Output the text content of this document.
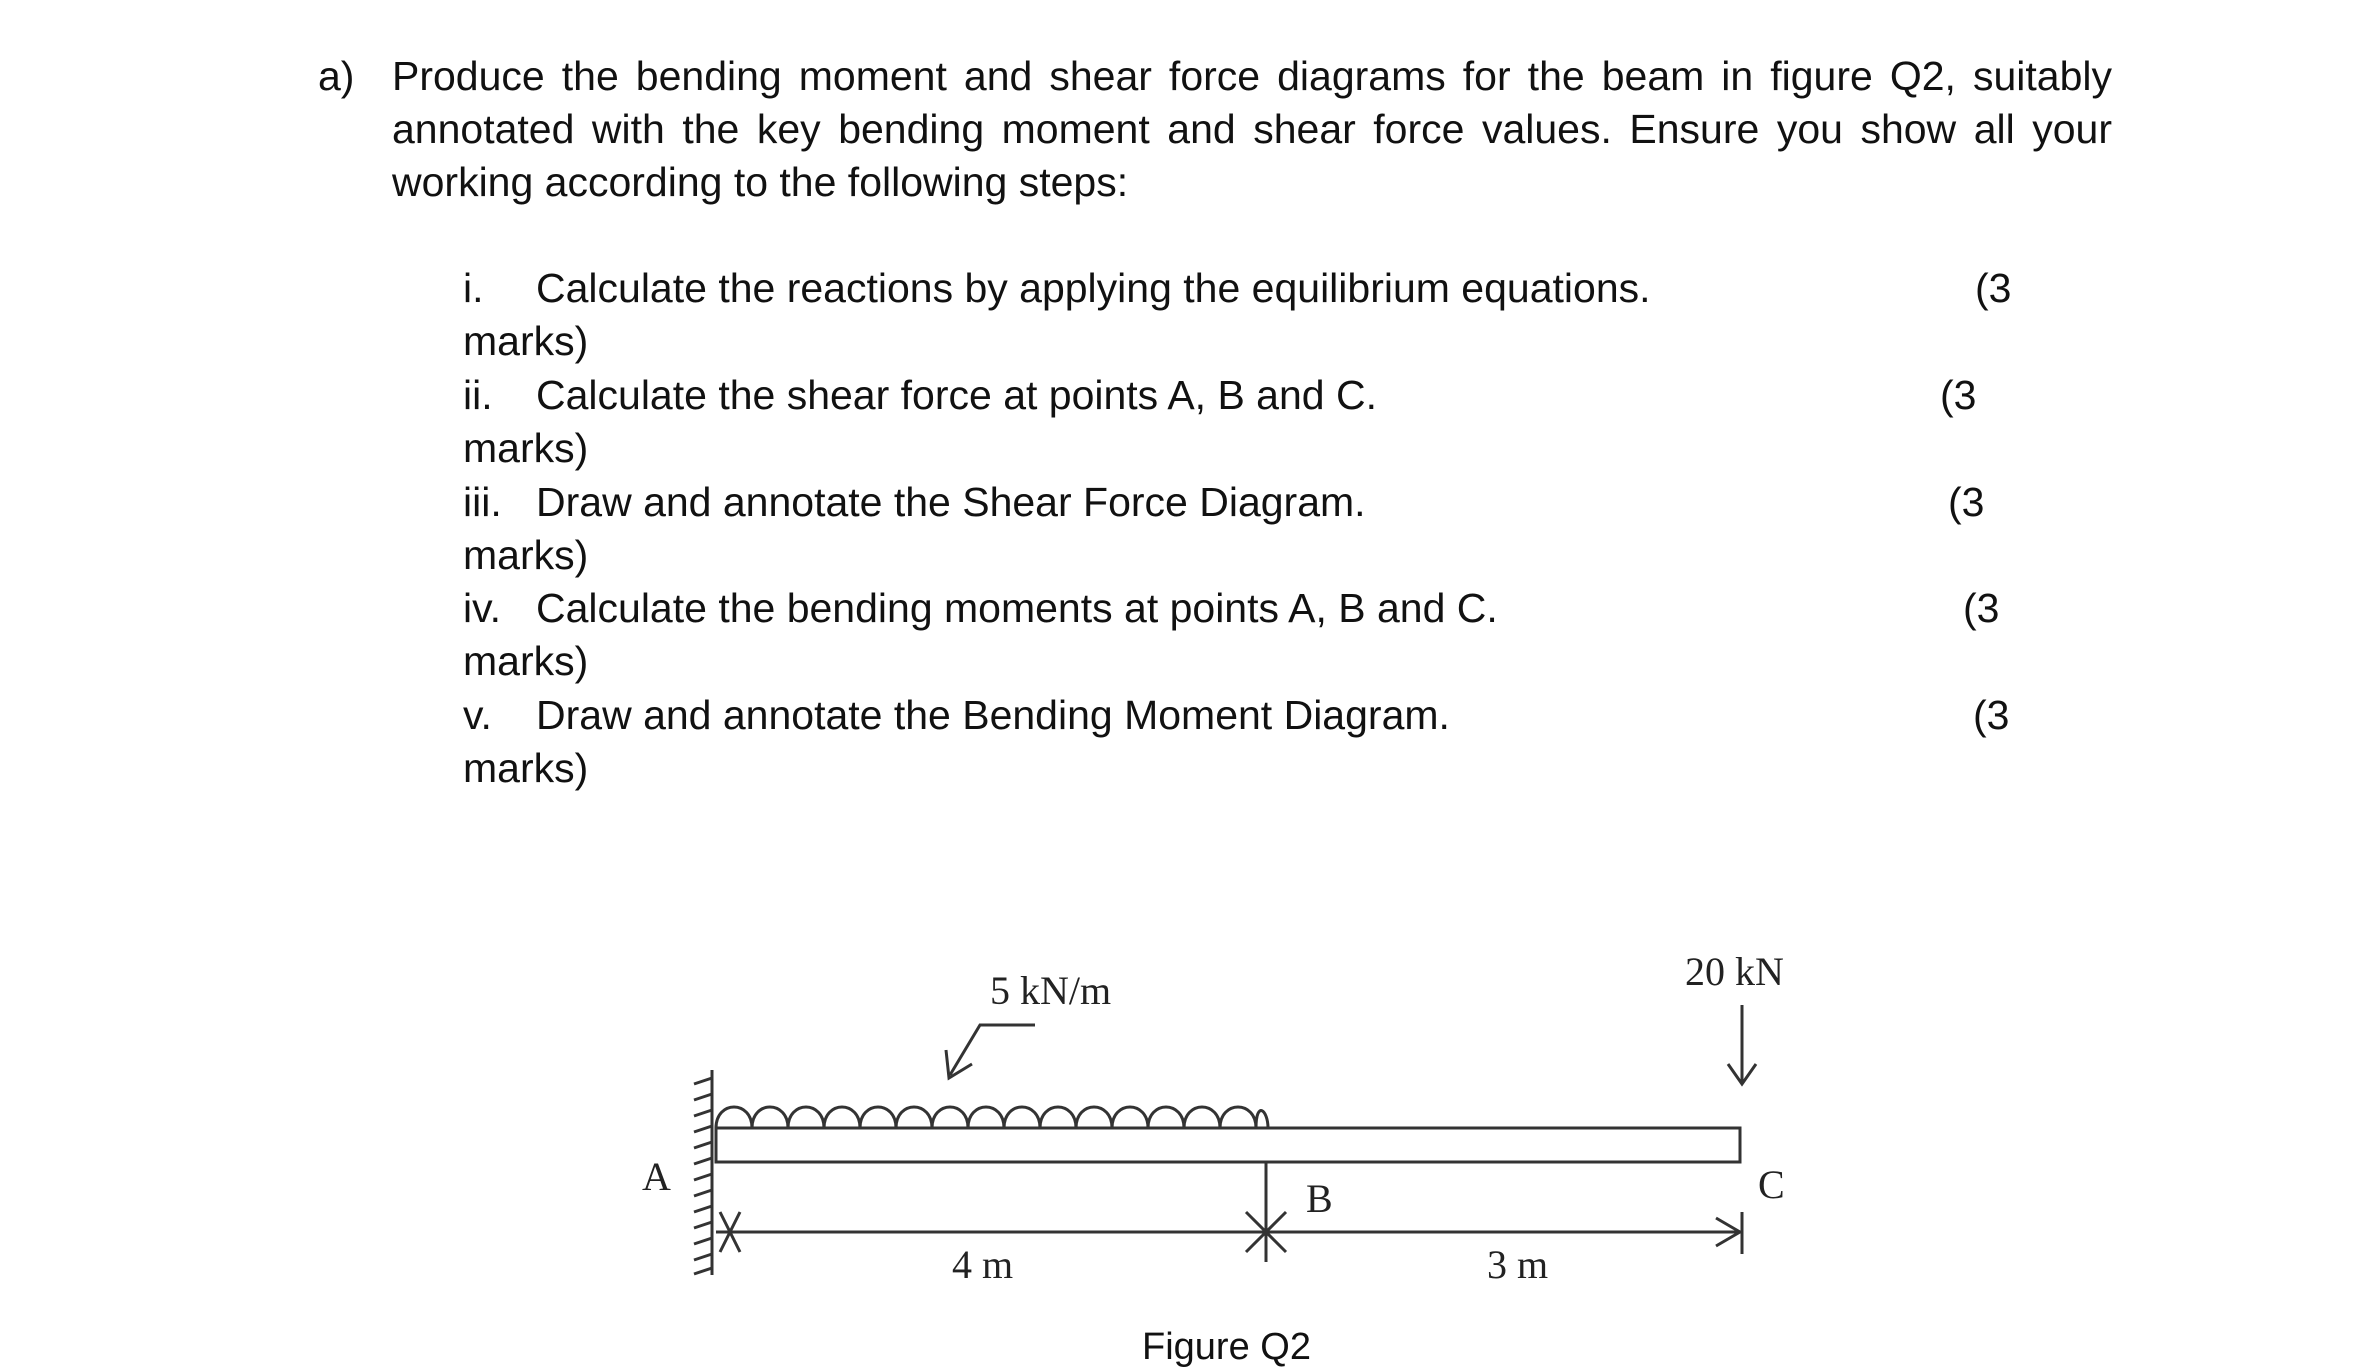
a) Produce the bending moment and shear force diagrams for the beam in figure Q2, suitably annotated with the key bending moment and shear force values. Ensure you show all your working according to the following steps:
i. Calculate the reactions by applying the equilibrium equations.	(3
marks)
ii. Calculate the shear force at points A, B and C.	(3
marks)
iii. Draw and annotate the Shear Force Diagram.	(3
marks)
iv. Calculate the bending moments at points A, B and C.	(3
marks)
v. Draw and annotate the Bending Moment Diagram.	(3
marks)
5 kN/m	20 kN
A	B	C
4 m	3 m
Figure Q2
